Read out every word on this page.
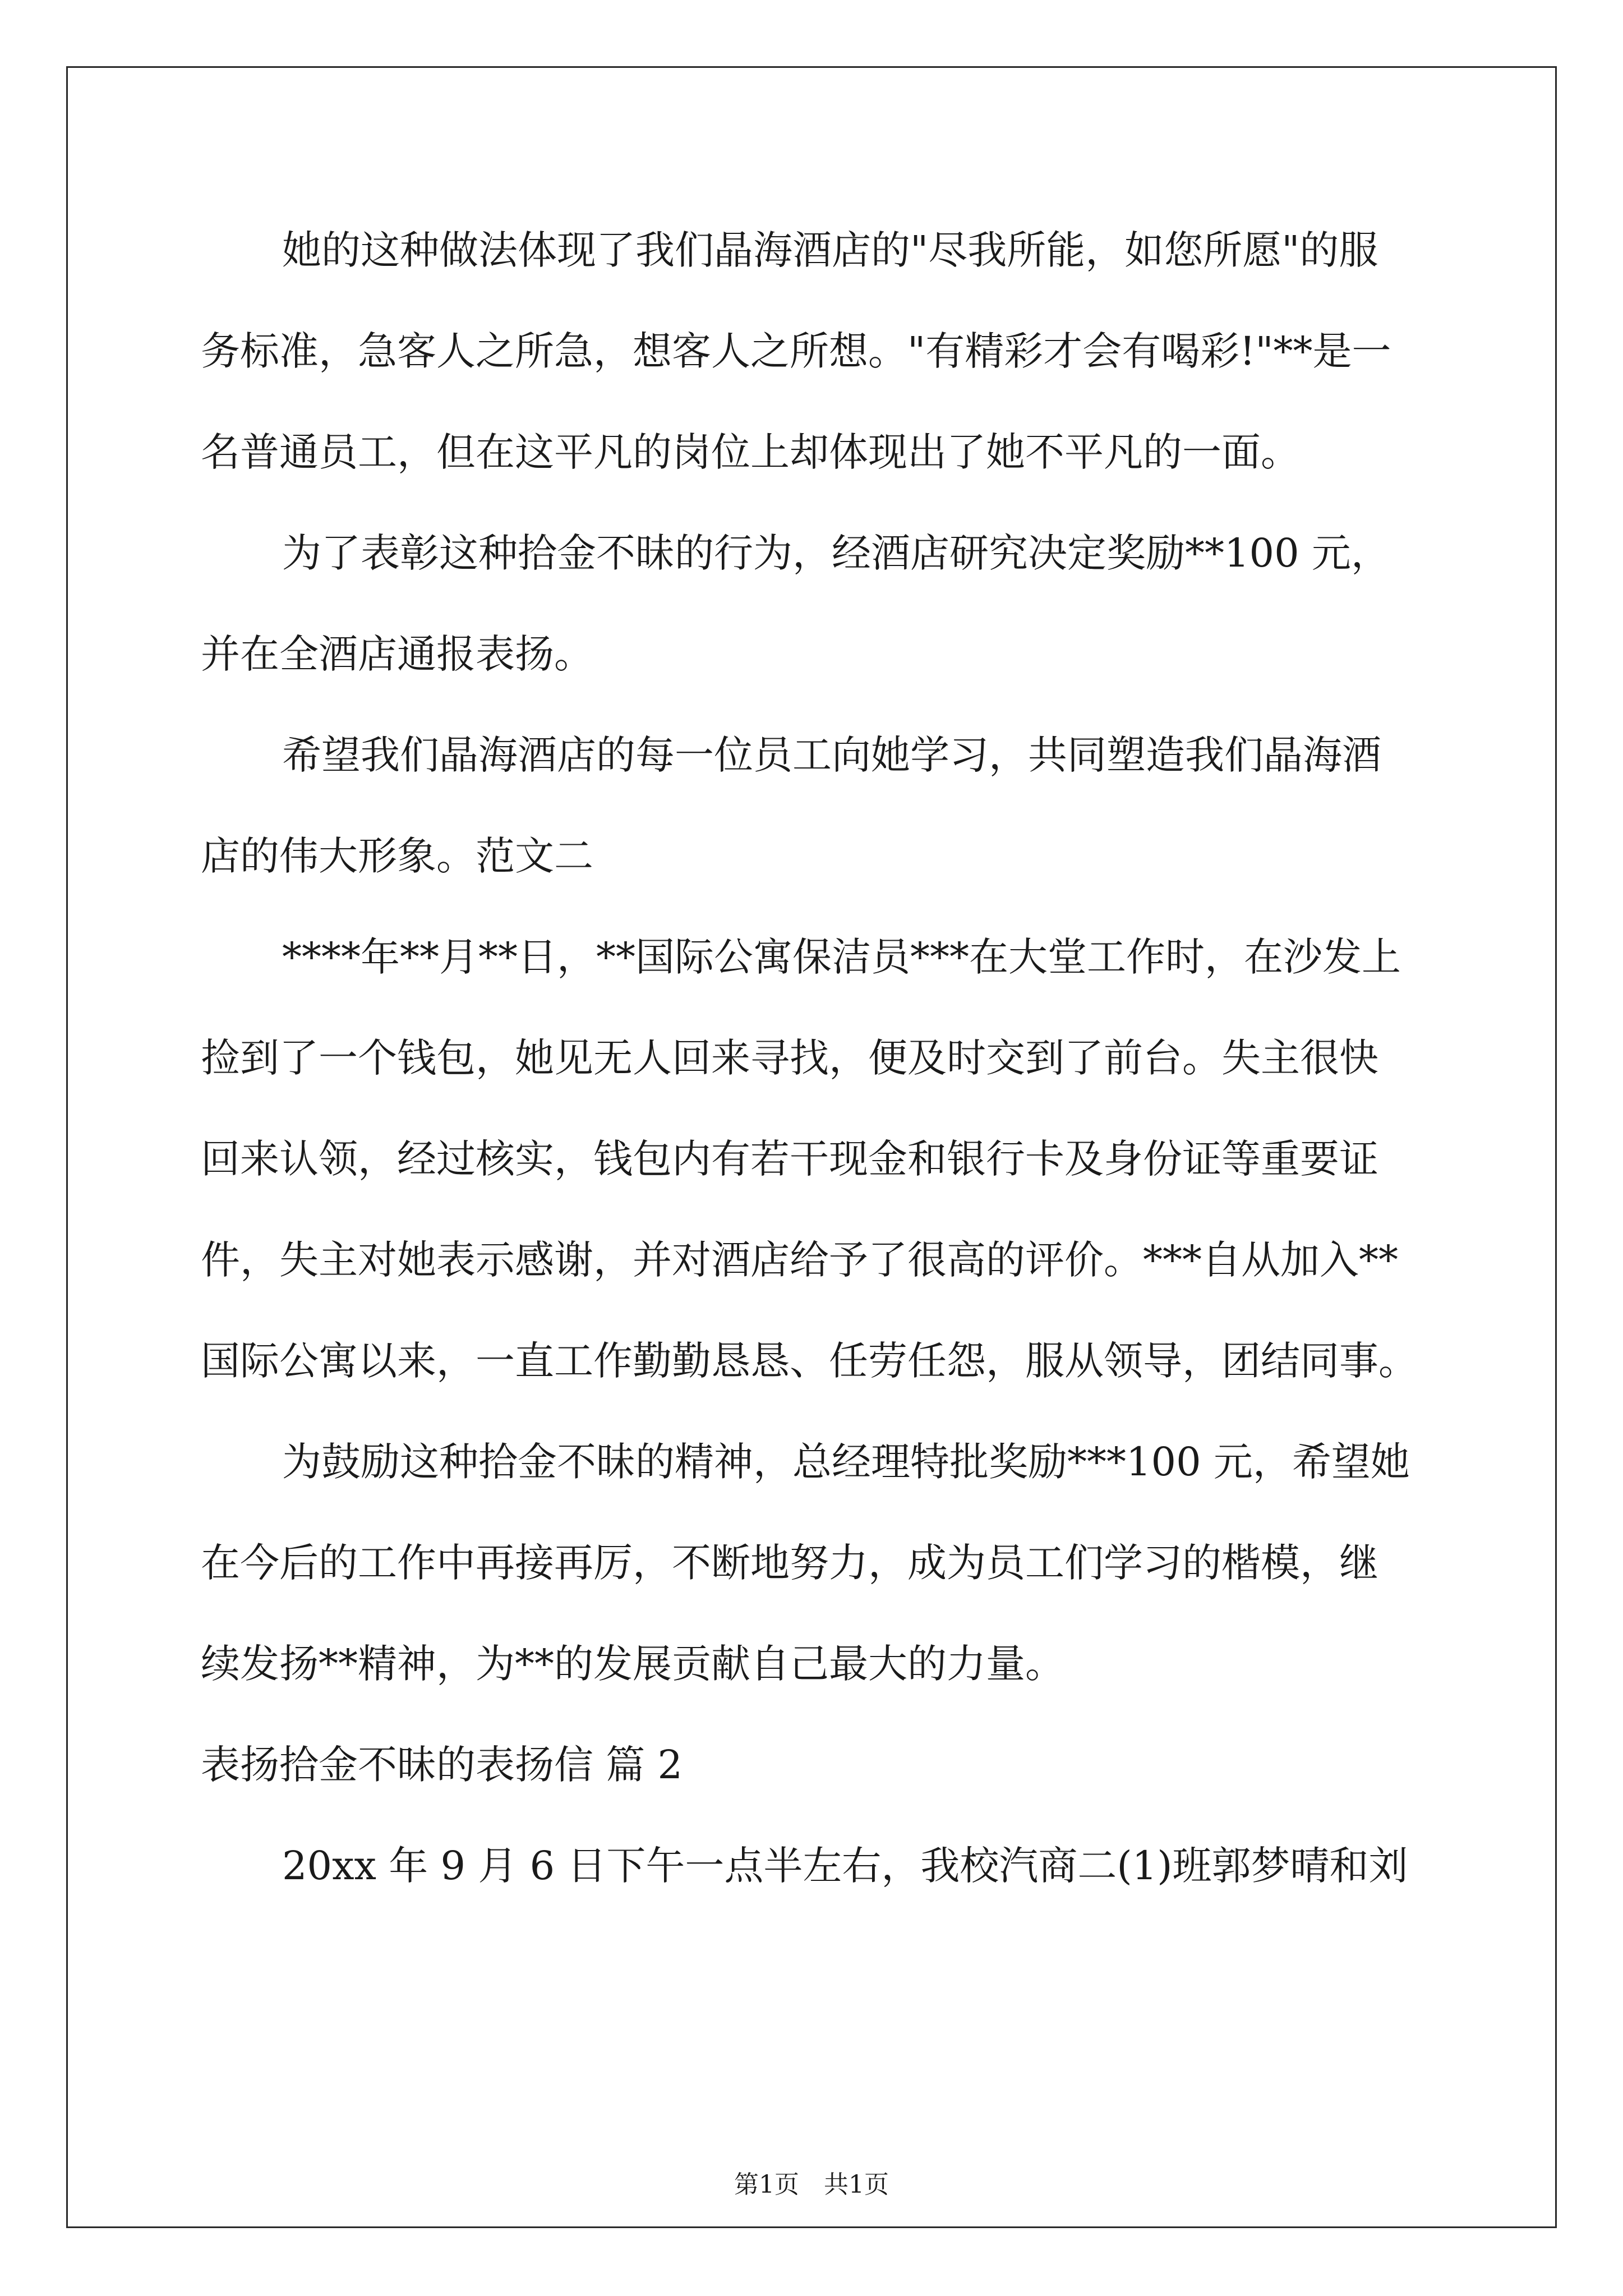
她的这种做法体现了我们晶海酒店的"尽我所能，如您所愿"的服
务标准，急客人之所急，想客人之所想。"有精彩才会有喝彩!"**是一
名普通员工，但在这平凡的岗位上却体现出了她不平凡的一面。
为了表彰这种拾金不昧的行为，经酒店研究决定奖励**100 元，
并在全酒店通报表扬。
希望我们晶海酒店的每一位员工向她学习，共同塑造我们晶海酒
店的伟大形象。范文二
****年**月**日，**国际公寓保洁员***在大堂工作时，在沙发上
捡到了一个钱包，她见无人回来寻找，便及时交到了前台。失主很快
回来认领，经过核实，钱包内有若干现金和银行卡及身份证等重要证
件，失主对她表示感谢，并对酒店给予了很高的评价。***自从加入**
国际公寓以来，一直工作勤勤恳恳、任劳任怨，服从领导，团结同事。
为鼓励这种拾金不昧的精神，总经理特批奖励***100 元，希望她
在今后的工作中再接再厉，不断地努力，成为员工们学习的楷模，继
续发扬**精神，为**的发展贡献自己最大的力量。
表扬拾金不昧的表扬信 篇 2
20xx 年 9 月 6 日下午一点半左右，我校汽商二(1)班郭梦晴和刘
第1页 共1页
